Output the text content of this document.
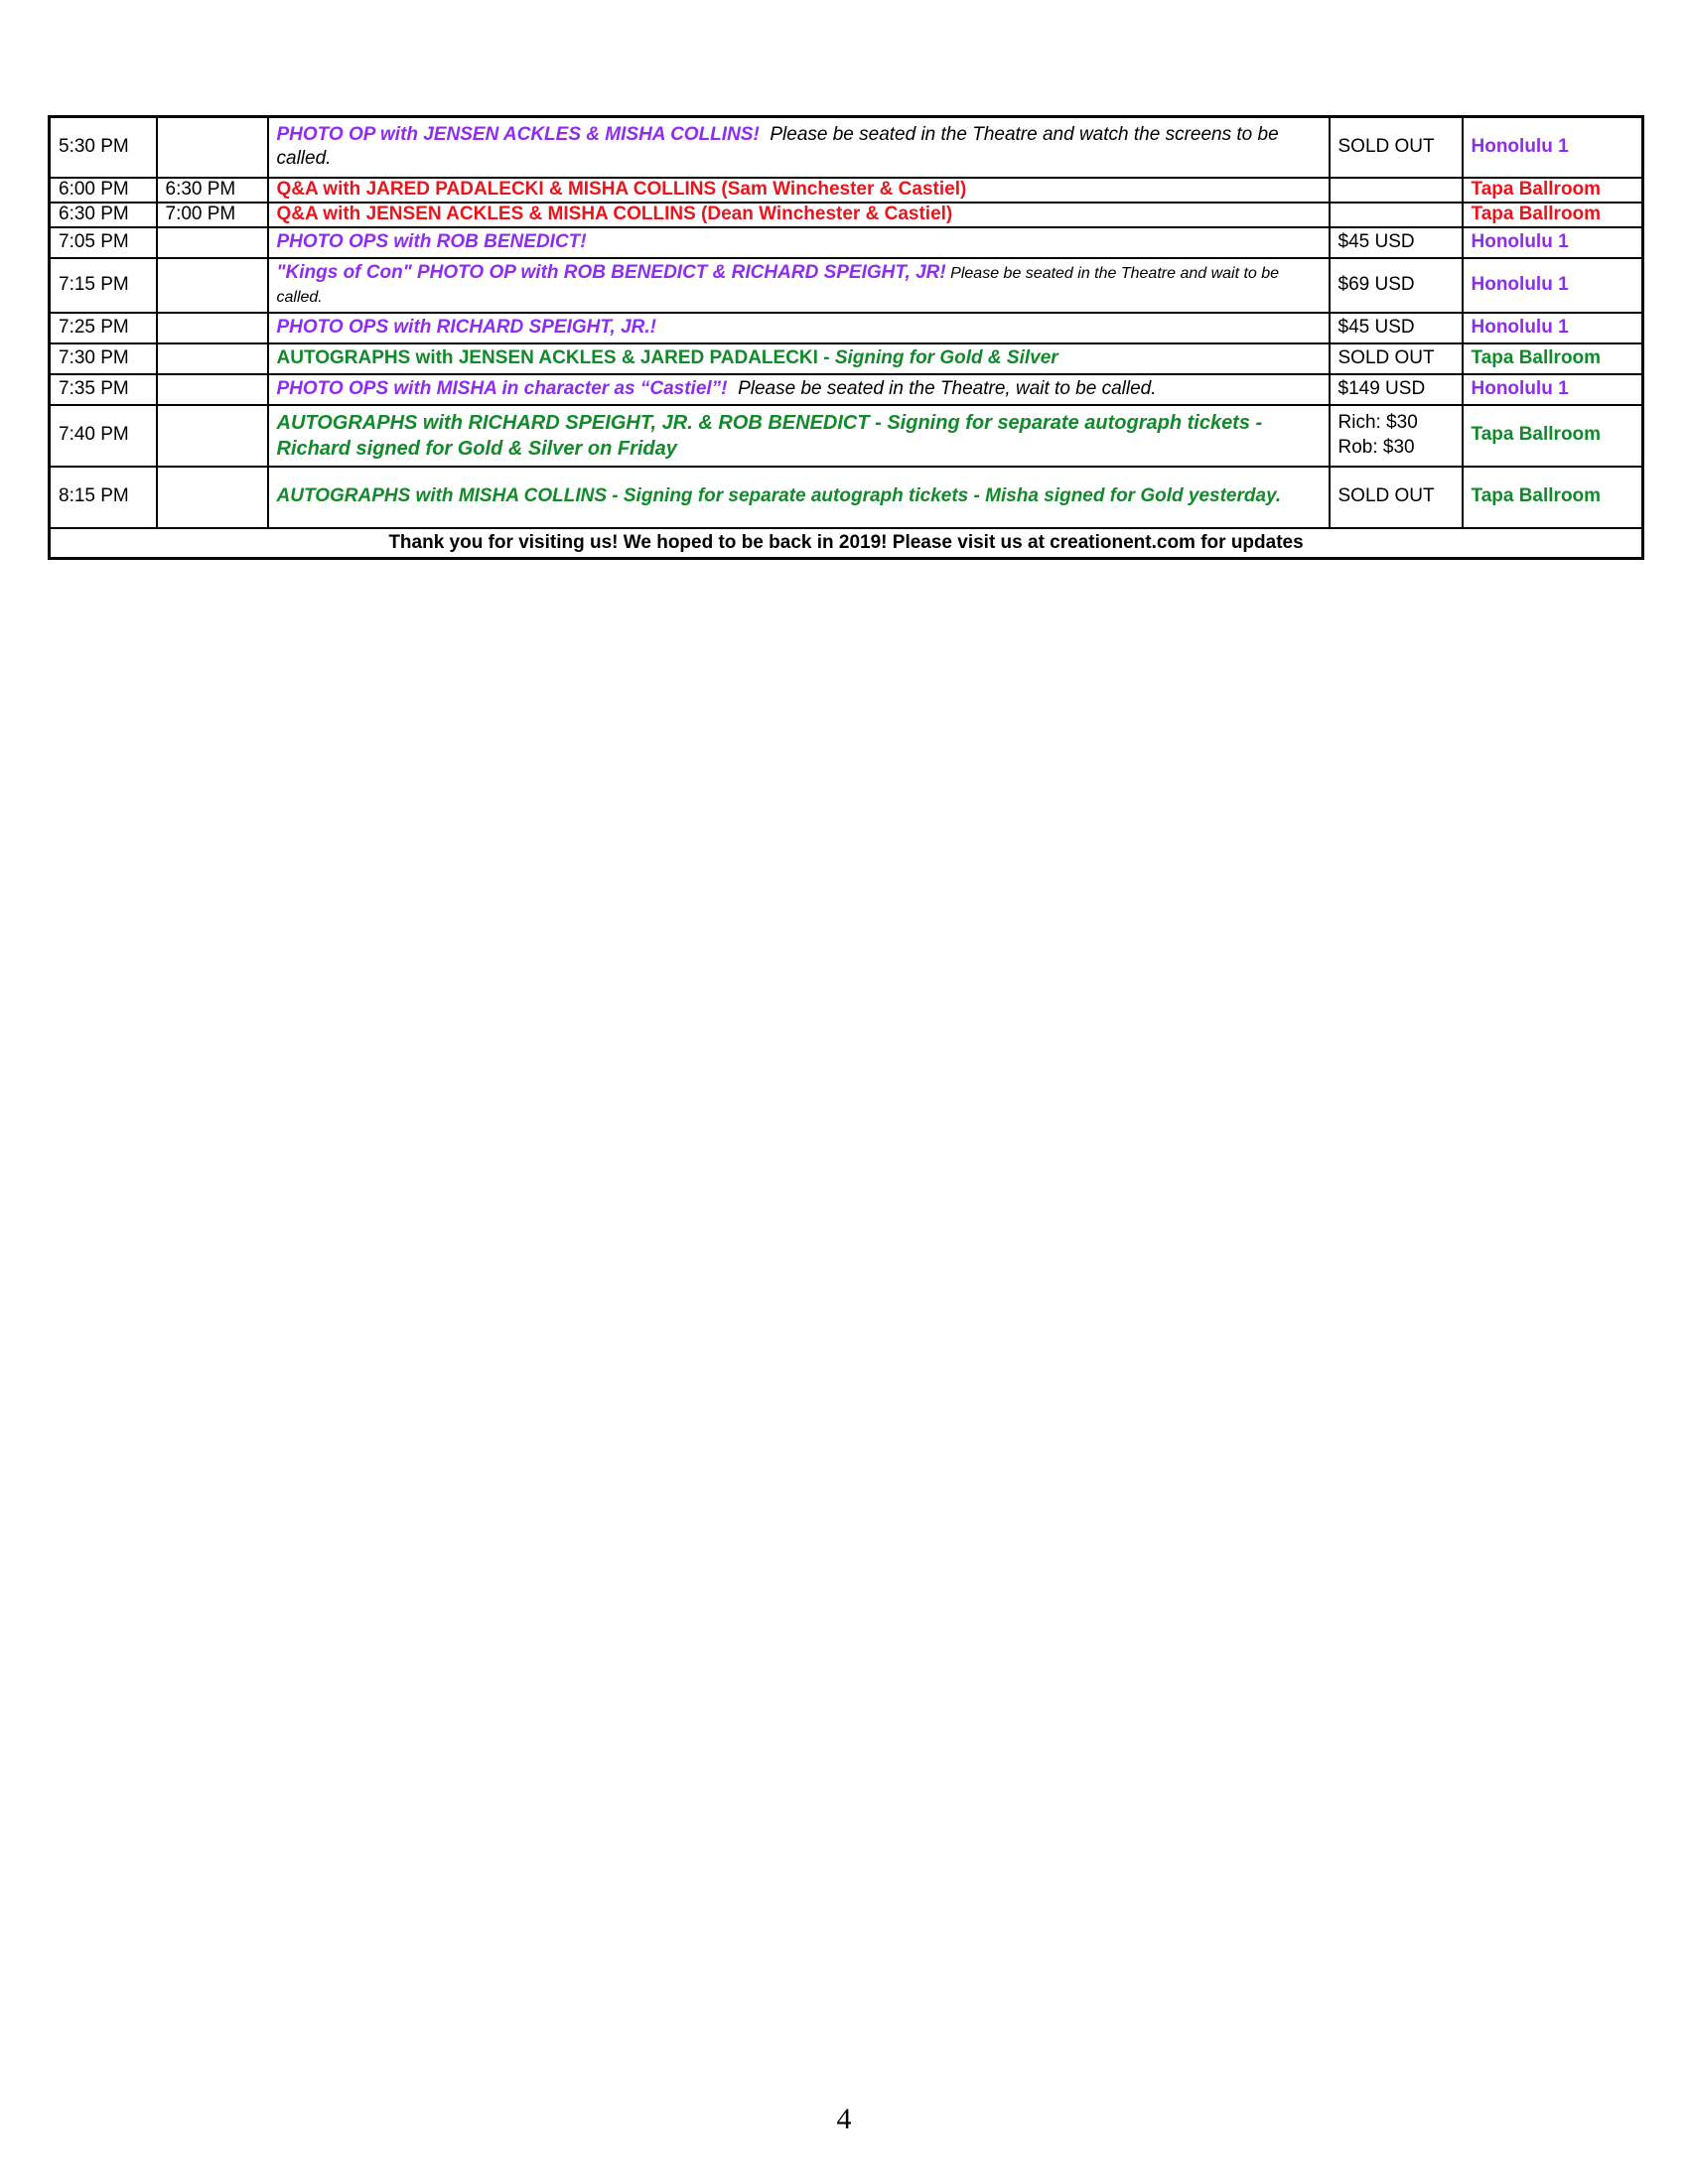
5:30 PM		PHOTO OP with JENSEN ACKLES & MISHA COLLINS!  Please be seated in the Theatre and watch the screens to be called.	SOLD OUT	Honolulu 1
6:00 PM	6:30 PM	Q&A with JARED PADALECKI & MISHA COLLINS (Sam Winchester & Castiel)		Tapa Ballroom
6:30 PM	7:00 PM	Q&A with JENSEN ACKLES & MISHA COLLINS (Dean Winchester & Castiel)		Tapa Ballroom
7:05 PM		PHOTO OPS with ROB BENEDICT!	$45 USD	Honolulu 1
7:15 PM		"Kings of Con" PHOTO OP with ROB BENEDICT & RICHARD SPEIGHT, JR! Please be seated in the Theatre and wait to be called.	$69 USD	Honolulu 1
7:25 PM		PHOTO OPS with RICHARD SPEIGHT, JR.!	$45 USD	Honolulu 1
7:30 PM		AUTOGRAPHS with JENSEN ACKLES & JARED PADALECKI - Signing for Gold & Silver	SOLD OUT	Tapa Ballroom
7:35 PM		PHOTO OPS with MISHA in character as “Castiel”!  Please be seated in the Theatre, wait to be called.	$149 USD	Honolulu 1
7:40 PM		AUTOGRAPHS with RICHARD SPEIGHT, JR. & ROB BENEDICT - Signing for separate autograph tickets - Richard signed for Gold & Silver on Friday	Rich: $30
Rob: $30	Tapa Ballroom
8:15 PM		AUTOGRAPHS with MISHA COLLINS - Signing for separate autograph tickets - Misha signed for Gold yesterday.	SOLD OUT	Tapa Ballroom
Thank you for visiting us! We hoped to be back in 2019! Please visit us at creationent.com for updates				
4
